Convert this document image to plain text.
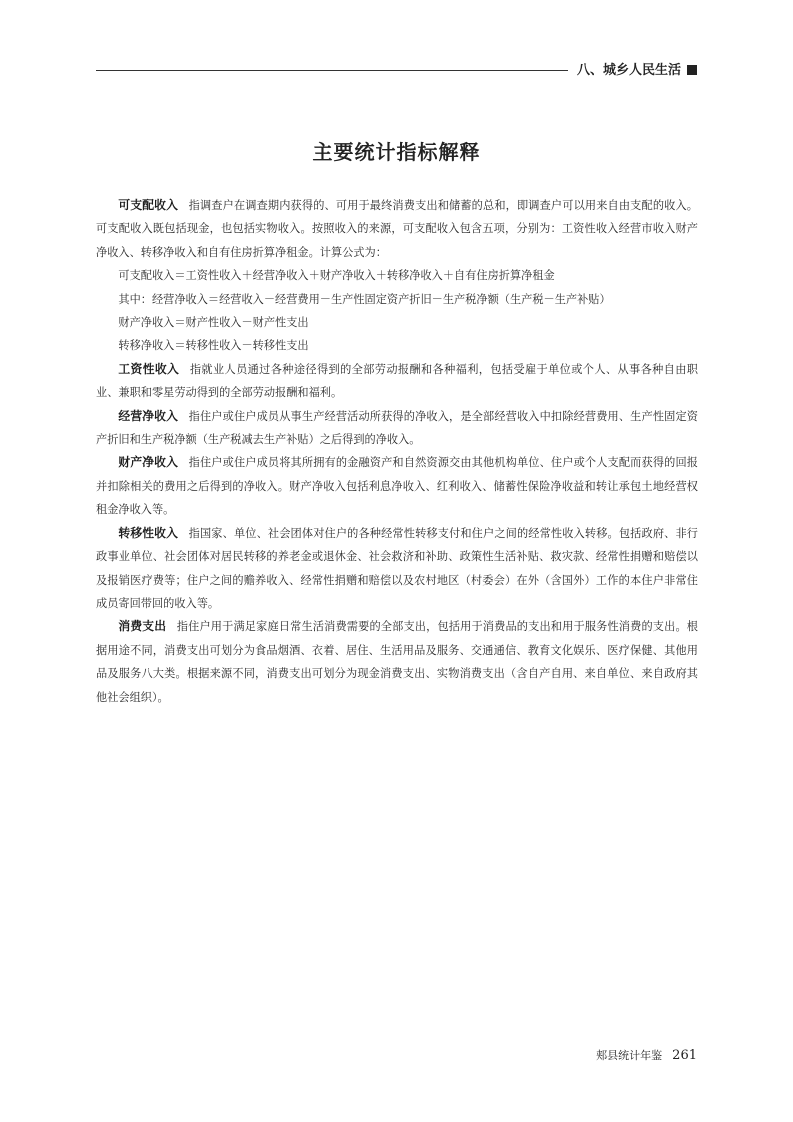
八、城乡人民生活
主要统计指标解释

可支配收入 指调查户在调查期内获得的、可用于最终消费支出和储蓄的总和，即调查户可以用来自由支配的收入。可支配收入既包括现金，也包括实物收入。按照收入的来源，可支配收入包含五项，分别为：工资性收入经营市收入财产净收入、转移净收入和自有住房折算净租金。计算公式为：

可支配收入＝工资性收入＋经营净收入＋财产净收入＋转移净收入＋自有住房折算净租金

其中：经营净收入＝经营收入－经营费用－生产性固定资产折旧－生产税净额（生产税－生产补贴）

财产净收入＝财产性收入－财产性支出

转移净收入＝转移性收入－转移性支出

工资性收入 指就业人员通过各种途径得到的全部劳动报酬和各种福利，包括受雇于单位或个人、从事各种自由职业、兼职和零星劳动得到的全部劳动报酬和福利。

经营净收入 指住户或住户成员从事生产经营活动所获得的净收入，是全部经营收入中扣除经营费用、生产性固定资产折旧和生产税净额（生产税减去生产补贴）之后得到的净收入。

财产净收入 指住户或住户成员将其所拥有的金融资产和自然资源交由其他机构单位、住户或个人支配而获得的回报并扣除相关的费用之后得到的净收入。财产净收入包括利息净收入、红利收入、储蓄性保险净收益和转让承包土地经营权租金净收入等。

转移性收入 指国家、单位、社会团体对住户的各种经常性转移支付和住户之间的经常性收入转移。包括政府、非行政事业单位、社会团体对居民转移的养老金或退休金、社会救济和补助、政策性生活补贴、救灾款、经常性捐赠和赔偿以及报销医疗费等；住户之间的赡养收入、经常性捐赠和赔偿以及农村地区（村委会）在外（含国外）工作的本住户非常住成员寄回带回的收入等。

消费支出 指住户用于满足家庭日常生活消费需要的全部支出，包括用于消费品的支出和用于服务性消费的支出。根据用途不同，消费支出可划分为食品烟酒、衣着、居住、生活用品及服务、交通通信、教育文化娱乐、医疗保健、其他用品及服务八大类。根据来源不同，消费支出可划分为现金消费支出、实物消费支出（含自产自用、来自单位、来自政府其他社会组织）。

郏县统计年鉴 261
